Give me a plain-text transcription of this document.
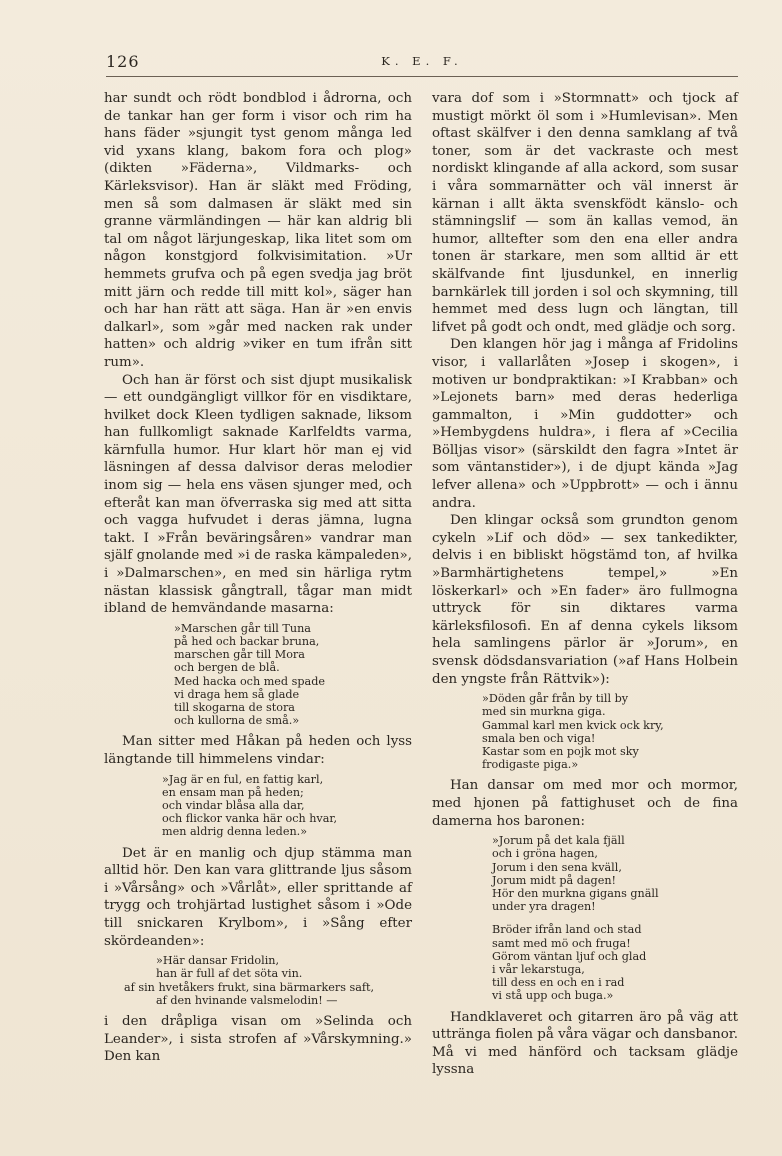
126	K. E. F.

har sundt och rödt bondblod i ådrorna, och de tankar han ger form i visor och rim ha hans fäder »sjungit tyst genom många led vid yxans klang, bakom fora och plog» (dikten »Fäderna», Vildmarks- och Kärleksvisor). Han är släkt med Fröding, men så som dalmasen är släkt med sin granne värmländingen — här kan aldrig bli tal om något lärjungeskap, lika litet som om någon konstgjord folkvisimitation. »Ur hemmets grufva och på egen svedja jag bröt mitt järn och redde till mitt kol», säger han och har han rätt att säga. Han är »en envis dalkarl», som »går med nacken rak under hatten» och aldrig »viker en tum ifrån sitt rum».

Och han är först och sist djupt musikalisk — ett oundgängligt villkor för en visdiktare, hvilket dock Kleen tydligen saknade, liksom han fullkomligt saknade Karlfeldts varma, kärnfulla humor. Hur klart hör man ej vid läsningen af dessa dalvisor deras melodier inom sig — hela ens väsen sjunger med, och efteråt kan man öfverraska sig med att sitta och vagga hufvudet i deras jämna, lugna takt. I »Från beväringsåren» vandrar man själf gnolande med »i de raska kämpaleden», i »Dalmarschen», en med sin härliga rytm nästan klassisk gångtrall, tågar man midt ibland de hemvändande masarna:

»Marschen går till Tuna
på hed och backar bruna,
marschen går till Mora
och bergen de blå.
Med hacka och med spade
vi draga hem så glade
till skogarna de stora
och kullorna de små.»

Man sitter med Håkan på heden och lyss längtande till himmelens vindar:

»Jag är en ful, en fattig karl,
en ensam man på heden;
och vindar blåsa alla dar,
och flickor vanka här och hvar,
men aldrig denna leden.»

Det är en manlig och djup stämma man alltid hör. Den kan vara glittrande ljus såsom i »Vårsång» och »Vårlåt», eller sprittande af trygg och trohjärtad lustighet såsom i »Ode till snickaren Krylbom», i »Sång efter skördeanden»:

»Här dansar Fridolin,
han är full af det söta vin.
af sin hvetåkers frukt, sina bärmarkers saft,
af den hvinande valsmelodin! —

i den dråpliga visan om »Selinda och Leander», i sista strofen af »Vårskymning.» Den kan

vara dof som i »Stormnatt» och tjock af mustigt mörkt öl som i »Humlevisan». Men oftast skälfver i den denna samklang af två toner, som är det vackraste och mest nordiskt klingande af alla ackord, som susar i våra sommarnätter och väl innerst är kärnan i allt äkta svenskfödt känslo- och stämningslif — som än kallas vemod, än humor, alltefter som den ena eller andra tonen är starkare, men som alltid är ett skälfvande fint ljusdunkel, en innerlig barnkärlek till jorden i sol och skymning, till hemmet med dess lugn och längtan, till lifvet på godt och ondt, med glädje och sorg.

Den klangen hör jag i många af Fridolins visor, i vallarlåten »Josep i skogen», i motiven ur bondpraktikan: »I Krabban» och »Lejonets barn» med deras hederliga gammalton, i »Min guddotter» och »Hembygdens huldra», i flera af »Cecilia Bölljas visor» (särskildt den fagra »Intet är som väntanstider»), i de djupt kända »Jag lefver allena» och »Uppbrott» — och i ännu andra.

Den klingar också som grundton genom cykeln »Lif och död» — sex tankedikter, delvis i en bibliskt högstämd ton, af hvilka »Barmhärtighetens tempel,» »En löskerkarl» och »En fader» äro fullmogna uttryck för sin diktares varma kärleksfilosofi. En af denna cykels liksom hela samlingens pärlor är »Jorum», en svensk dödsdansvariation (»af Hans Holbein den yngste från Rättvik»):

»Döden går från by till by
med sin murkna giga.
Gammal karl men kvick ock kry,
smala ben och viga!
Kastar som en pojk mot sky
frodigaste piga.»

Han dansar om med mor och mormor, med hjonen på fattighuset och de fina damerna hos baronen:

»Jorum på det kala fjäll
och i gröna hagen,
Jorum i den sena kväll,
Jorum midt på dagen!
Hör den murkna gigans gnäll
under yra dragen!
Bröder ifrån land och stad
samt med mö och fruga!
Görom väntan ljuf och glad
i vår lekarstuga,
till dess en och en i rad
vi stå upp och buga.»

Handklaveret och gitarren äro på väg att utträngа fiolen på våra vägar och dansbanor. Må vi med hänförd och tacksam glädje lyssna
